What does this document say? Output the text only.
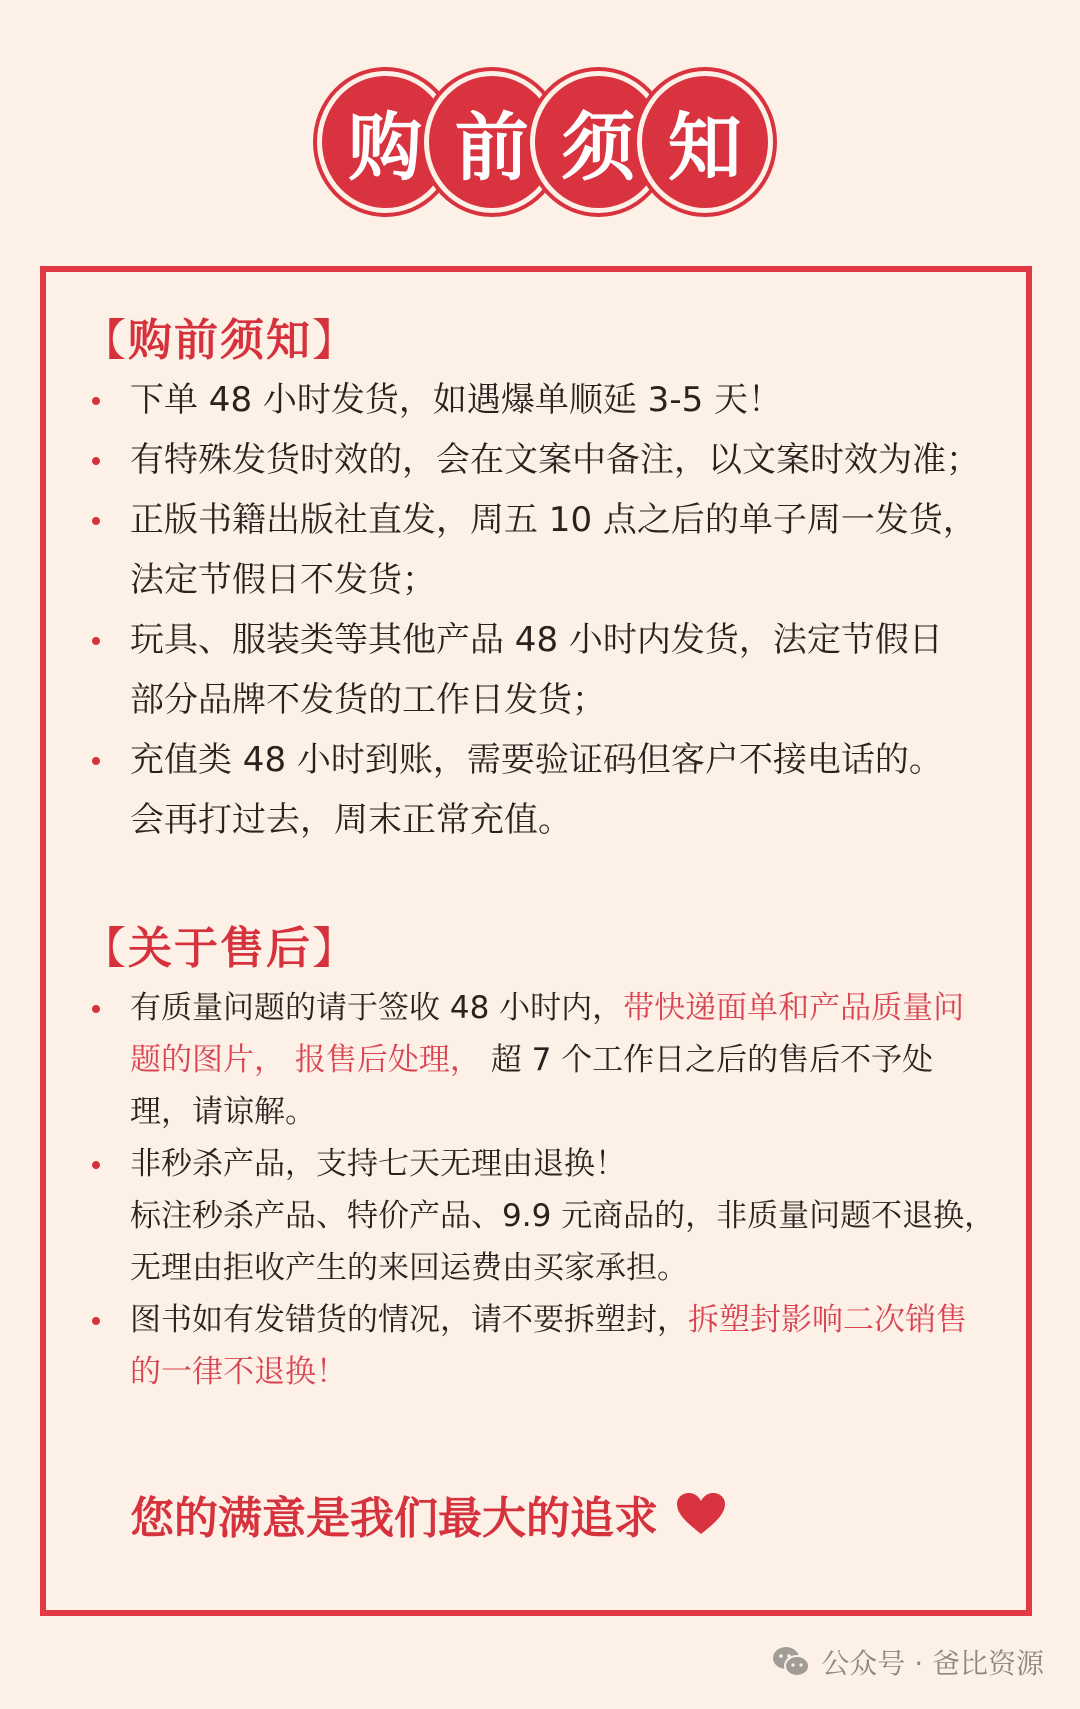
购 前 须 知
【购前须知】
下单 48 小时发货，如遇爆单顺延 3-5 天！
有特殊发货时效的，会在文案中备注，以文案时效为准；
正版书籍出版社直发，周五 10 点之后的单子周一发货，
法定节假日不发货；
玩具、服装类等其他产品 48 小时内发货，法定节假日
部分品牌不发货的工作日发货；
充值类 48 小时到账，需要验证码但客户不接电话的。
会再打过去，周末正常充值。
【关于售后】
有质量问题的请于签收 48 小时内，带快递面单和产品质量问
题的图片， 报售后处理， 超 7 个工作日之后的售后不予处
理，请谅解。
非秒杀产品，支持七天无理由退换！
标注秒杀产品、特价产品、9.9 元商品的，非质量问题不退换，
无理由拒收产生的来回运费由买家承担。
图书如有发错货的情况，请不要拆塑封，拆塑封影响二次销售
的一律不退换！
您的满意是我们最大的追求
公众号 · 爸比资源
